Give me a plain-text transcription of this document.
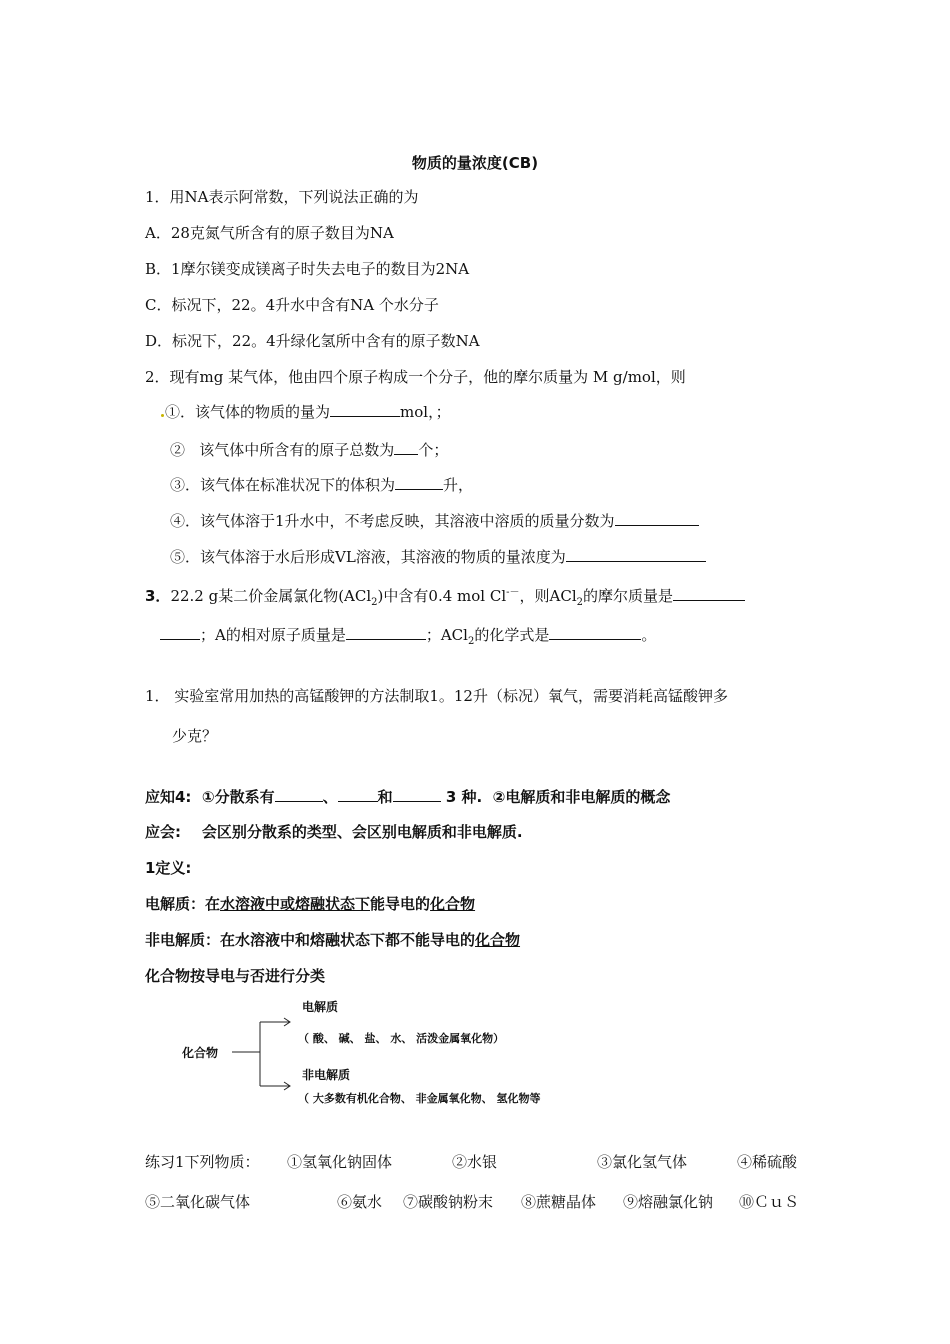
物质的量浓度(CB)
1．用NA表示阿常数，下列说法正确的为
A．28克氮气所含有的原子数目为NA
B．1摩尔镁变成镁离子时失去电子的数目为2NA
C．标况下，22。4升水中含有NA 个水分子
D．标况下，22。4升绿化氢所中含有的原子数NA
2．现有mg 某气体，他由四个原子构成一个分子，他的摩尔质量为 M g/mol，则
①．该气体的物质的量为	mol，；
②   该气体中所含有的原子总数为 个；
③．该气体在标准状况下的体积为	升，
④．该气体溶于1升水中，不考虑反映，其溶液中溶质的质量分数为
⑤．该气体溶于水后形成VL溶液，其溶液的物质的量浓度为
3．22.2 g某二价金属氯化物(ACl$_2$)中含有0.4 mol Cl-－，则ACl$_2$的摩尔质量是
；A的相对原子质量是	；ACl$_2$的化学式是	。
1． 实验室常用加热的高锰酸钾的方法制取1。12升（标况）氧气，需要消耗高锰酸钾多
少克？
应知4: ①分散系有	、	和	3 种. ②电解质和非电解质的概念
应会:    会区别分散系的类型、会区别电解质和非电解质.
1定义:
电解质：在水溶液中或熔融状态下能导电的化合物
非电解质：在水溶液中和熔融状态下都不能导电的化合物
化合物按导电与否进行分类
化合物
电解质
（ 酸、 碱、 盐、 水、 活泼金属氧化物）
非电解质
（ 大多数有机化合物、 非金属氧化物、 氢化物等
练习1下列物质： ①氢氧化钠固体	②水银	③氯化氢气体	④稀硫酸
⑤二氧化碳气体	⑥氨水 ⑦碳酸钠粉末 ⑧蔗糖晶体 ⑨熔融氯化钠 ⑩ＣｕＳ
